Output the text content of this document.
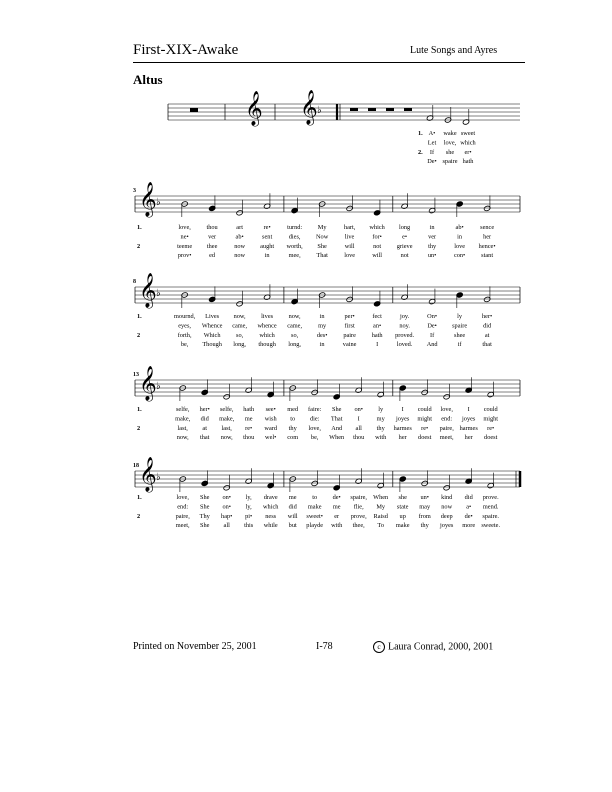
First-XIX-Awake	Lute Songs and Ayres
Altus
𝄞 𝄞 ♭
1. A• wake sweet
Let love, which
2. If she er•
De• spaire hath
𝄞 ♭
3
1.	love, thou	art	re•	turnd: My	hart, which long	in	ab•	sence
ne•	ver	ab•	sent	dies, Now	live	for•	e•	ver	in	her
2	teeme thee	now aught worth, She	will	not grieve thy	love hence•
prov•	ed	now	in	mee, That	love	will	not	un•	con•	stant
𝄞 ♭
8
1.	mournd, Lives now, lives now,	in	per•	fect	joy.	On•	ly	her•
eyes, Whence came, whence came,	my	first	an•	noy.	De• spaire	did
2	forth, Which so,	which	so,	des•	paire	hath proved.	If	shee	at
be, Though long, though long,	in	vaine	I	loved. And	if	that
𝄞 ♭
13
1.	selfe, her• selfe, hath see• med faire: She on• ly	I could love, I could
make, did make, me wish to die: That I	my joyes might end: joyes might
2	last, at last, re• ward thy love, And all thy harmes re• paire, harmes re•
now, that now, thou wel• com be, When thou with her doest meet, her doest
𝄞 ♭
18
1.	love, She on• ly, drave me to de• spaire, When she un• kind did prove.
end: She on• ly, which did make me flie, My state may now a• mend.
2	paire, Thy hap• pi• ness will sweet• er prove, Raisd up from deep de• spaire.
meet, She all this while but playde with thee, To make thy joyes more sweete.
Printed on November 25, 2001	I-78	c Laura Conrad, 2000, 2001
